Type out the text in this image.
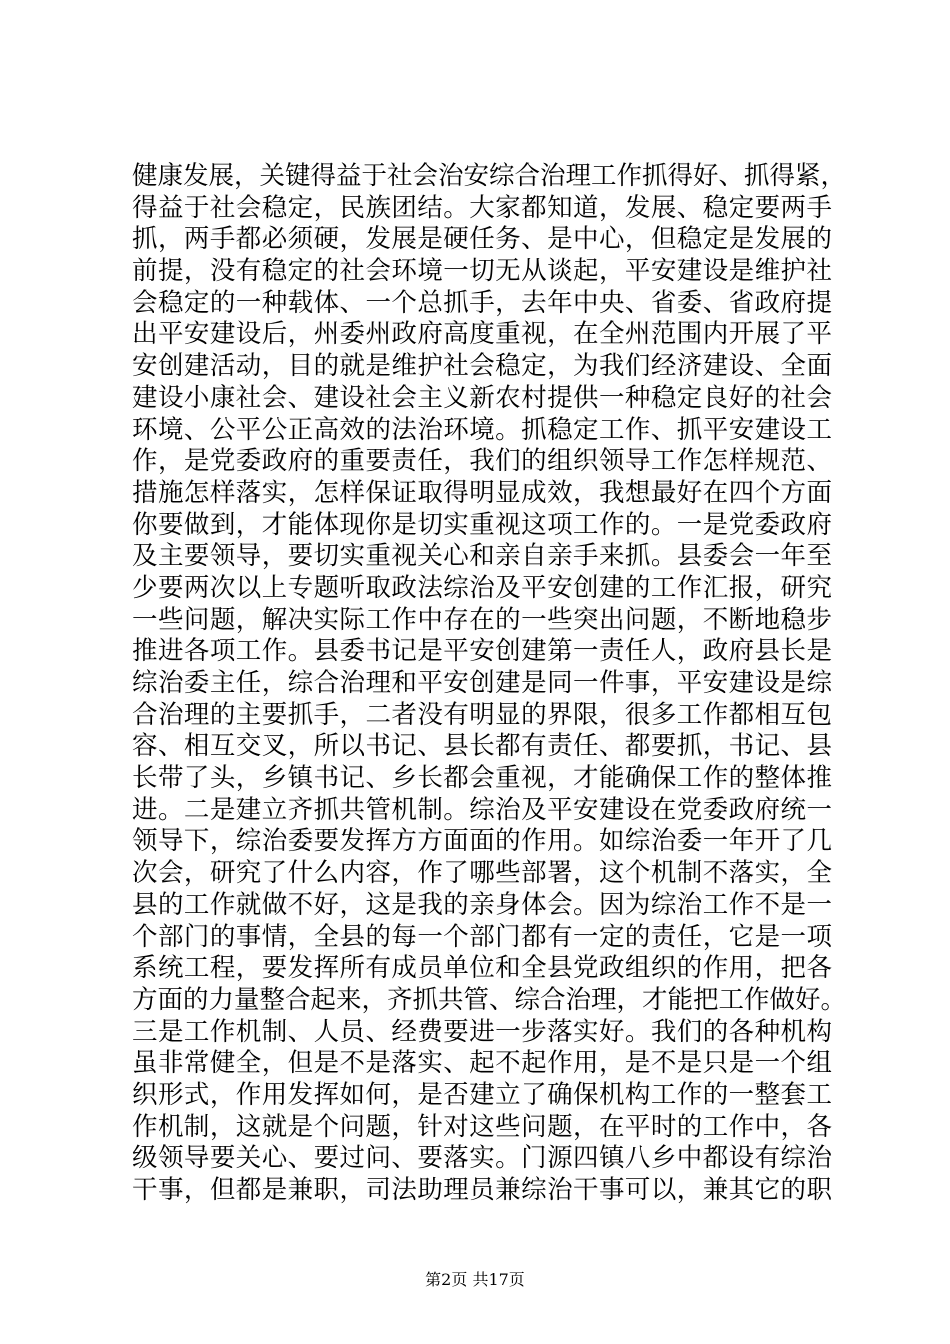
健康发展，关键得益于社会治安综合治理工作抓得好、抓得紧，
得益于社会稳定，民族团结。大家都知道，发展、稳定要两手
抓，两手都必须硬，发展是硬任务、是中心，但稳定是发展的
前提，没有稳定的社会环境一切无从谈起，平安建设是维护社
会稳定的一种载体、一个总抓手，去年中央、省委、省政府提
出平安建设后，州委州政府高度重视，在全州范围内开展了平
安创建活动，目的就是维护社会稳定，为我们经济建设、全面
建设小康社会、建设社会主义新农村提供一种稳定良好的社会
环境、公平公正高效的法治环境。抓稳定工作、抓平安建设工
作，是党委政府的重要责任，我们的组织领导工作怎样规范、
措施怎样落实，怎样保证取得明显成效，我想最好在四个方面
你要做到，才能体现你是切实重视这项工作的。一是党委政府
及主要领导，要切实重视关心和亲自亲手来抓。县委会一年至
少要两次以上专题听取政法综治及平安创建的工作汇报，研究
一些问题，解决实际工作中存在的一些突出问题，不断地稳步
推进各项工作。县委书记是平安创建第一责任人，政府县长是
综治委主任，综合治理和平安创建是同一件事，平安建设是综
合治理的主要抓手，二者没有明显的界限，很多工作都相互包
容、相互交叉，所以书记、县长都有责任、都要抓，书记、县
长带了头，乡镇书记、乡长都会重视，才能确保工作的整体推
进。二是建立齐抓共管机制。综治及平安建设在党委政府统一
领导下，综治委要发挥方方面面的作用。如综治委一年开了几
次会，研究了什么内容，作了哪些部署，这个机制不落实，全
县的工作就做不好，这是我的亲身体会。因为综治工作不是一
个部门的事情，全县的每一个部门都有一定的责任，它是一项
系统工程，要发挥所有成员单位和全县党政组织的作用，把各
方面的力量整合起来，齐抓共管、综合治理，才能把工作做好。
三是工作机制、人员、经费要进一步落实好。我们的各种机构
虽非常健全，但是不是落实、起不起作用，是不是只是一个组
织形式，作用发挥如何，是否建立了确保机构工作的一整套工
作机制，这就是个问题，针对这些问题，在平时的工作中，各
级领导要关心、要过问、要落实。门源四镇八乡中都设有综治
干事，但都是兼职，司法助理员兼综治干事可以，兼其它的职
第2页 共17页
